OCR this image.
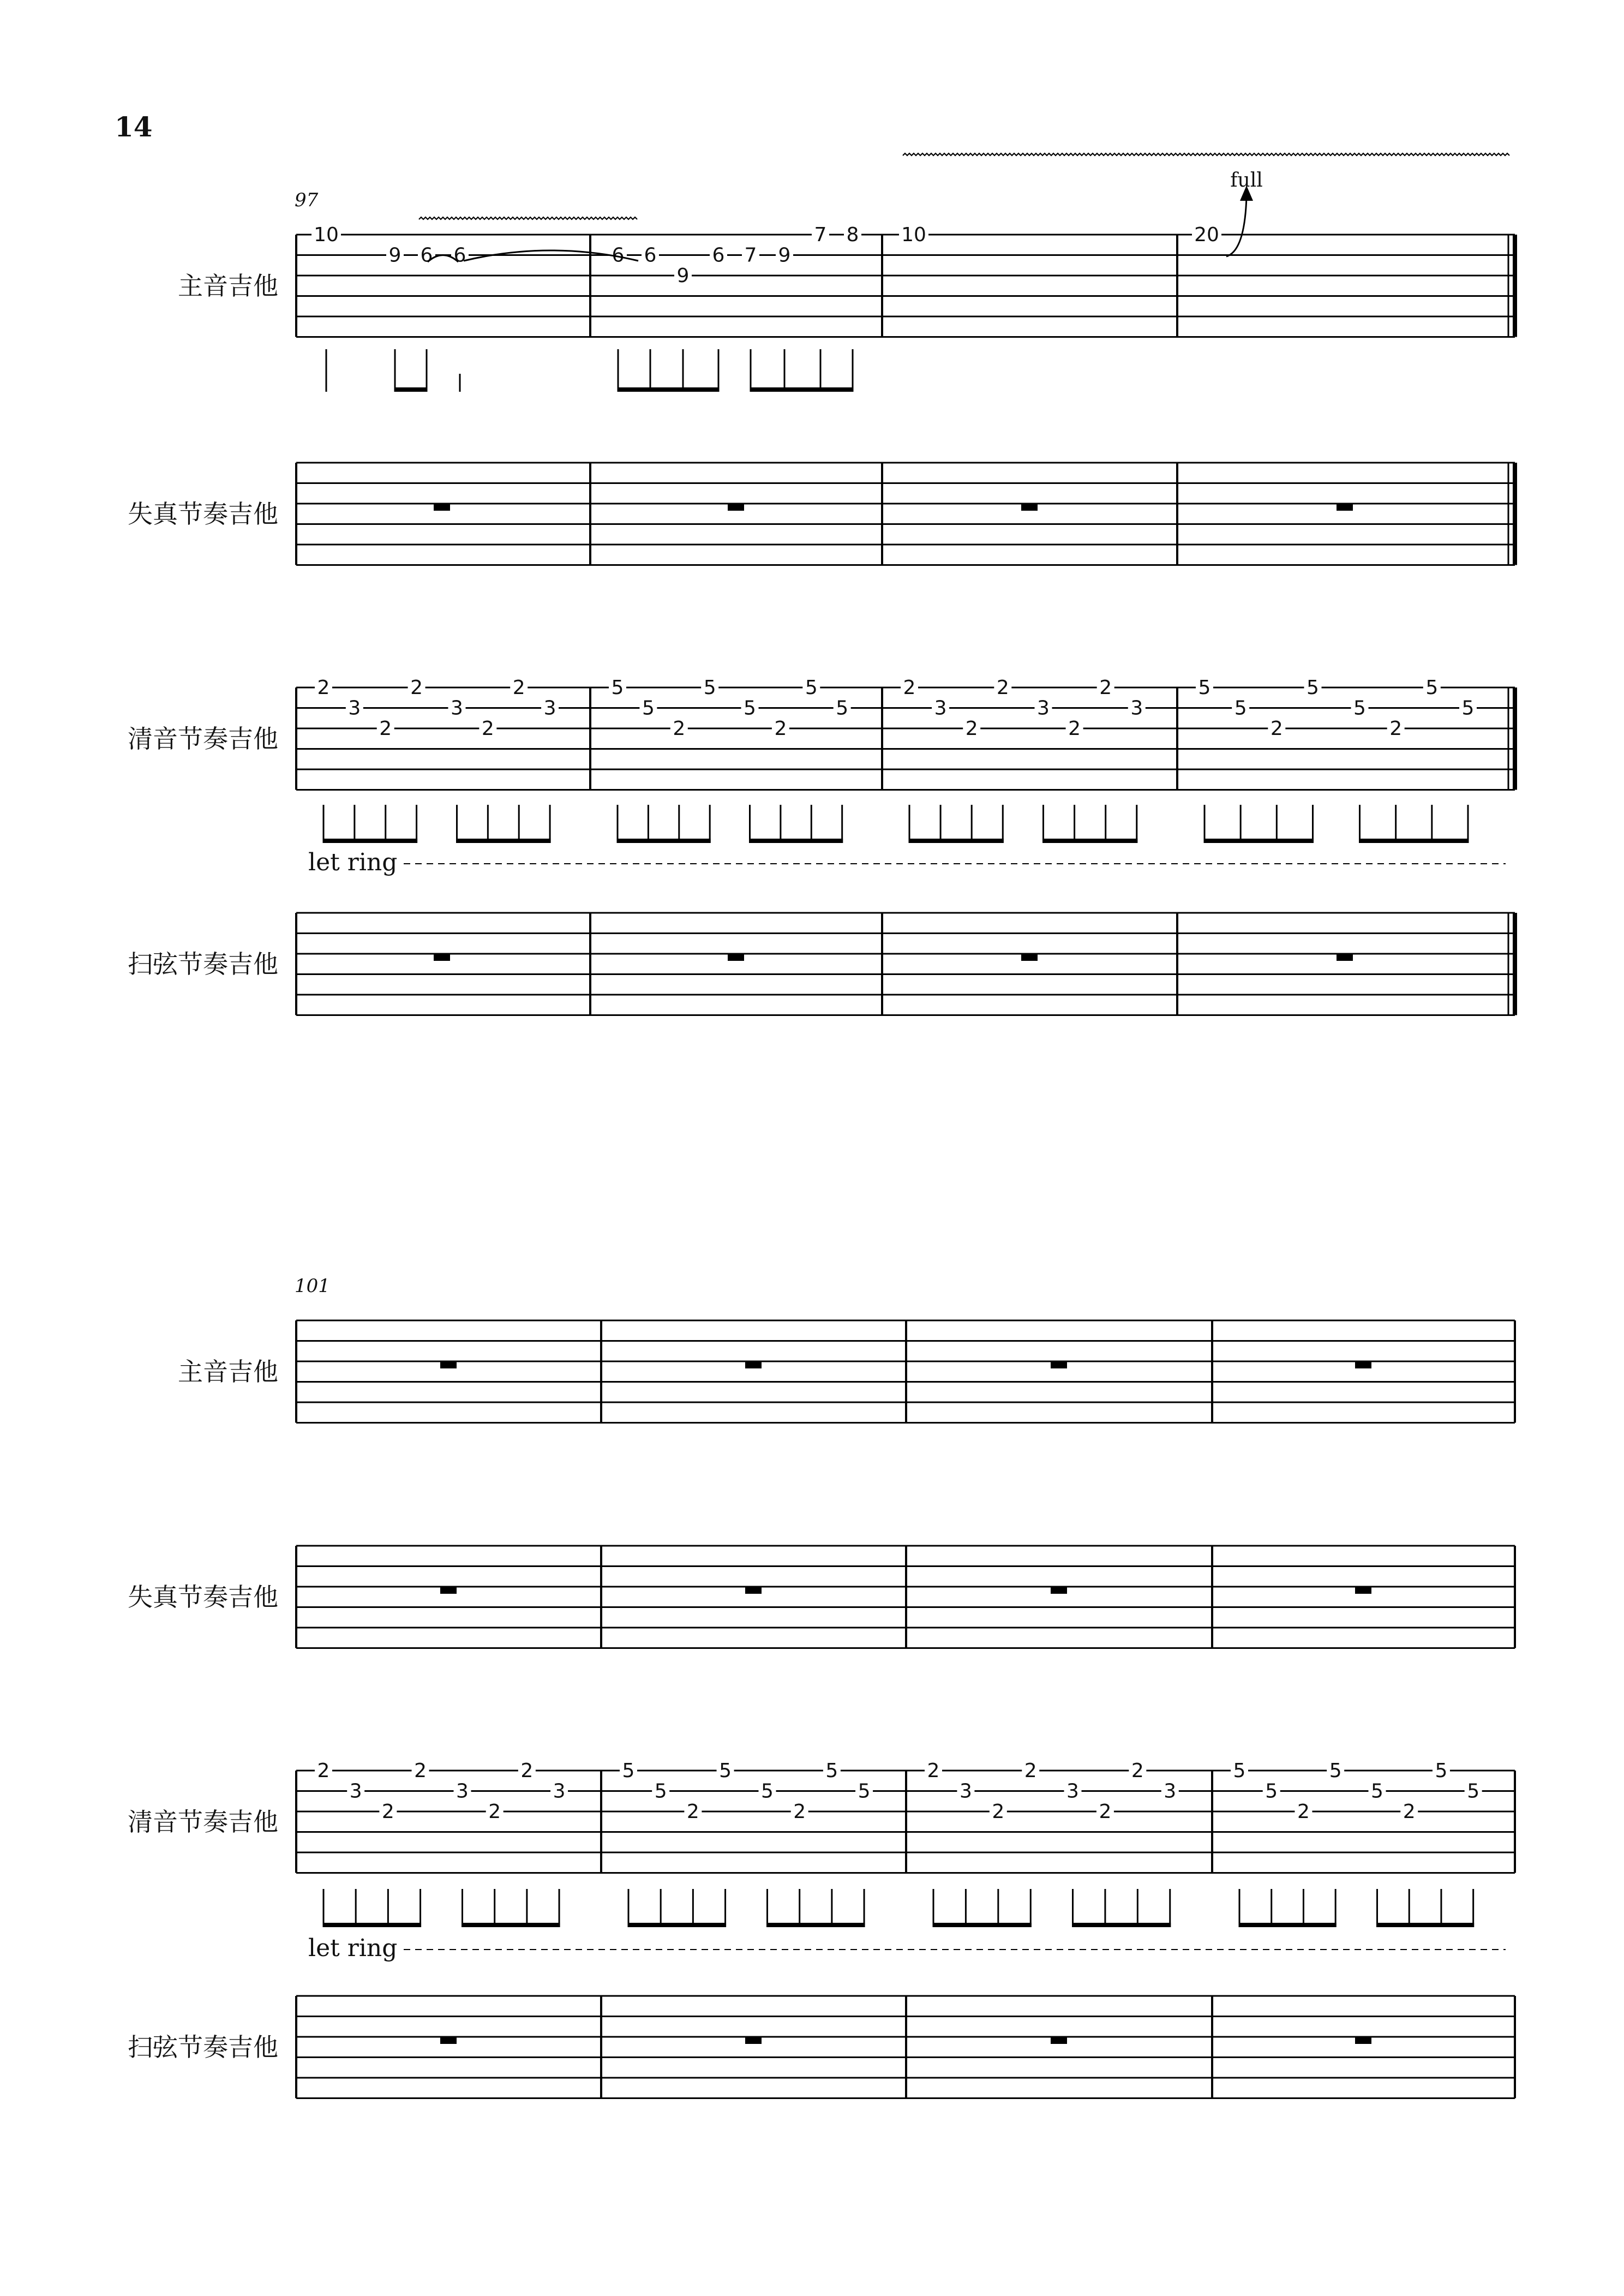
14
97
主音吉他
10
9 6 6	6 6
9
6 7 9
7 8 10	20
full
失真节奏吉他
清音节奏吉他
2
3
2
2
3
2
2
3
5
5
2
5
5
2
5
5
2
3
2
2
3
2
2
3
5
5
2
5
5
2
5
5
let ring
扫弦节奏吉他
101
主音吉他
失真节奏吉他
清音节奏吉他
2
3
2
2
3
2
2
3
5
5
2
5
5
2
5
5
2
3
2
2
3
2
2
3
5
5
2
5
5
2
5
5
let ring
扫弦节奏吉他
